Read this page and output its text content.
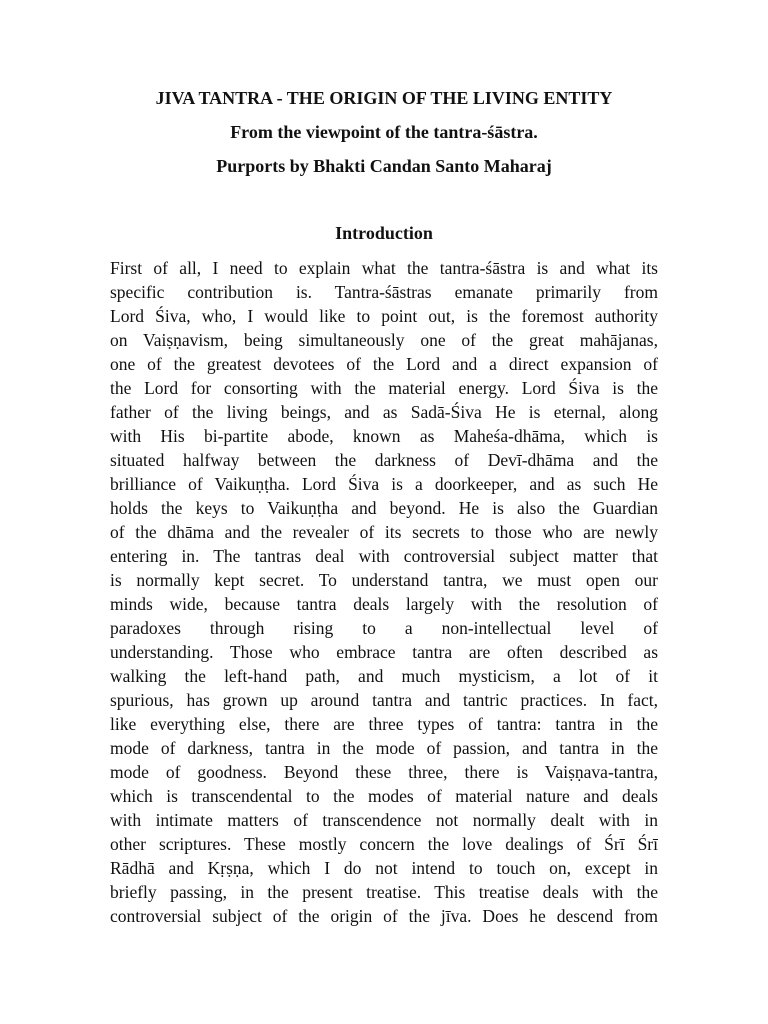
JIVA TANTRA - THE ORIGIN OF THE LIVING ENTITY
From the viewpoint of the tantra-śāstra.
Purports by Bhakti Candan Santo Maharaj
Introduction
First of all, I need to explain what the tantra-śāstra is and what its
specific contribution is. Tantra-śāstras emanate primarily from
Lord Śiva, who, I would like to point out, is the foremost authority
on Vaiṣṇavism, being simultaneously one of the great mahājanas,
one of the greatest devotees of the Lord and a direct expansion of
the Lord for consorting with the material energy. Lord Śiva is the
father of the living beings, and as Sadā-Śiva He is eternal, along
with His bi-partite abode, known as Maheśa-dhāma, which is
situated halfway between the darkness of Devī-dhāma and the
brilliance of Vaikuṇṭha. Lord Śiva is a doorkeeper, and as such He
holds the keys to Vaikuṇṭha and beyond. He is also the Guardian
of the dhāma and the revealer of its secrets to those who are newly
entering in. The tantras deal with controversial subject matter that
is normally kept secret. To understand tantra, we must open our
minds wide, because tantra deals largely with the resolution of
paradoxes through rising to a non-intellectual level of
understanding. Those who embrace tantra are often described as
walking the left-hand path, and much mysticism, a lot of it
spurious, has grown up around tantra and tantric practices. In fact,
like everything else, there are three types of tantra: tantra in the
mode of darkness, tantra in the mode of passion, and tantra in the
mode of goodness. Beyond these three, there is Vaiṣṇava-tantra,
which is transcendental to the modes of material nature and deals
with intimate matters of transcendence not normally dealt with in
other scriptures. These mostly concern the love dealings of Śrī Śrī
Rādhā and Kṛṣṇa, which I do not intend to touch on, except in
briefly passing, in the present treatise. This treatise deals with the
controversial subject of the origin of the jīva. Does he descend from
